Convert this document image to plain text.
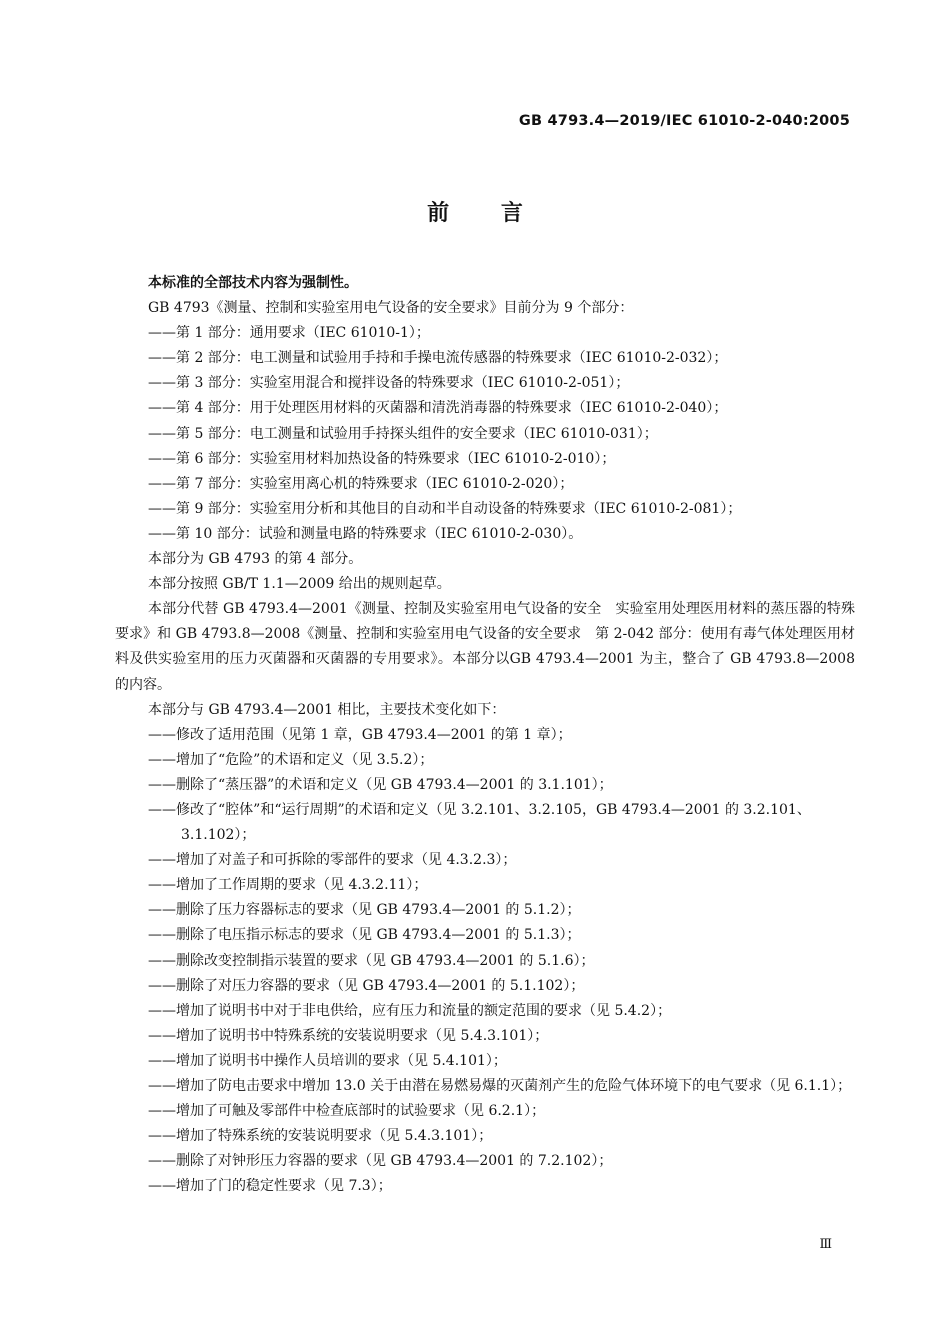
GB 4793.4—2019/IEC 61010-2-040:2005
前 言
本标准的全部技术内容为强制性。
GB 4793《测量、控制和实验室用电气设备的安全要求》目前分为 9 个部分：
——第 1 部分：通用要求（IEC 61010-1）；
——第 2 部分：电工测量和试验用手持和手操电流传感器的特殊要求（IEC 61010-2-032）；
——第 3 部分：实验室用混合和搅拌设备的特殊要求（IEC 61010-2-051）；
——第 4 部分：用于处理医用材料的灭菌器和清洗消毒器的特殊要求（IEC 61010-2-040）；
——第 5 部分：电工测量和试验用手持探头组件的安全要求（IEC 61010-031）；
——第 6 部分：实验室用材料加热设备的特殊要求（IEC 61010-2-010）；
——第 7 部分：实验室用离心机的特殊要求（IEC 61010-2-020）；
——第 9 部分：实验室用分析和其他目的自动和半自动设备的特殊要求（IEC 61010-2-081）；
——第 10 部分：试验和测量电路的特殊要求（IEC 61010-2-030）。
本部分为 GB 4793 的第 4 部分。
本部分按照 GB/T 1.1—2009 给出的规则起草。
本部分代替 GB 4793.4—2001《测量、控制及实验室用电气设备的安全　实验室用处理医用材料的蒸压器的特殊要求》和 GB 4793.8—2008《测量、控制和实验室用电气设备的安全要求　第 2-042 部分：使用有毒气体处理医用材料及供实验室用的压力灭菌器和灭菌器的专用要求》。本部分以GB 4793.4—2001 为主，整合了 GB 4793.8—2008 的内容。
本部分与 GB 4793.4—2001 相比，主要技术变化如下：
——修改了适用范围（见第 1 章，GB 4793.4—2001 的第 1 章）；
——增加了“危险”的术语和定义（见 3.5.2）；
——删除了“蒸压器”的术语和定义（见 GB 4793.4—2001 的 3.1.101）；
——修改了“腔体”和“运行周期”的术语和定义（见 3.2.101、3.2.105，GB 4793.4—2001 的 3.2.101、3.1.102）；
——增加了对盖子和可拆除的零部件的要求（见 4.3.2.3）；
——增加了工作周期的要求（见 4.3.2.11）；
——删除了压力容器标志的要求（见 GB 4793.4—2001 的 5.1.2）；
——删除了电压指示标志的要求（见 GB 4793.4—2001 的 5.1.3）；
——删除改变控制指示装置的要求（见 GB 4793.4—2001 的 5.1.6）；
——删除了对压力容器的要求（见 GB 4793.4—2001 的 5.1.102）；
——增加了说明书中对于非电供给，应有压力和流量的额定范围的要求（见 5.4.2）；
——增加了说明书中特殊系统的安装说明要求（见 5.4.3.101）；
——增加了说明书中操作人员培训的要求（见 5.4.101）；
——增加了防电击要求中增加 13.0 关于由潜在易燃易爆的灭菌剂产生的危险气体环境下的电气要求（见 6.1.1）；
——增加了可触及零部件中检查底部时的试验要求（见 6.2.1）；
——增加了特殊系统的安装说明要求（见 5.4.3.101）；
——删除了对钟形压力容器的要求（见 GB 4793.4—2001 的 7.2.102）；
——增加了门的稳定性要求（见 7.3）；
Ⅲ
